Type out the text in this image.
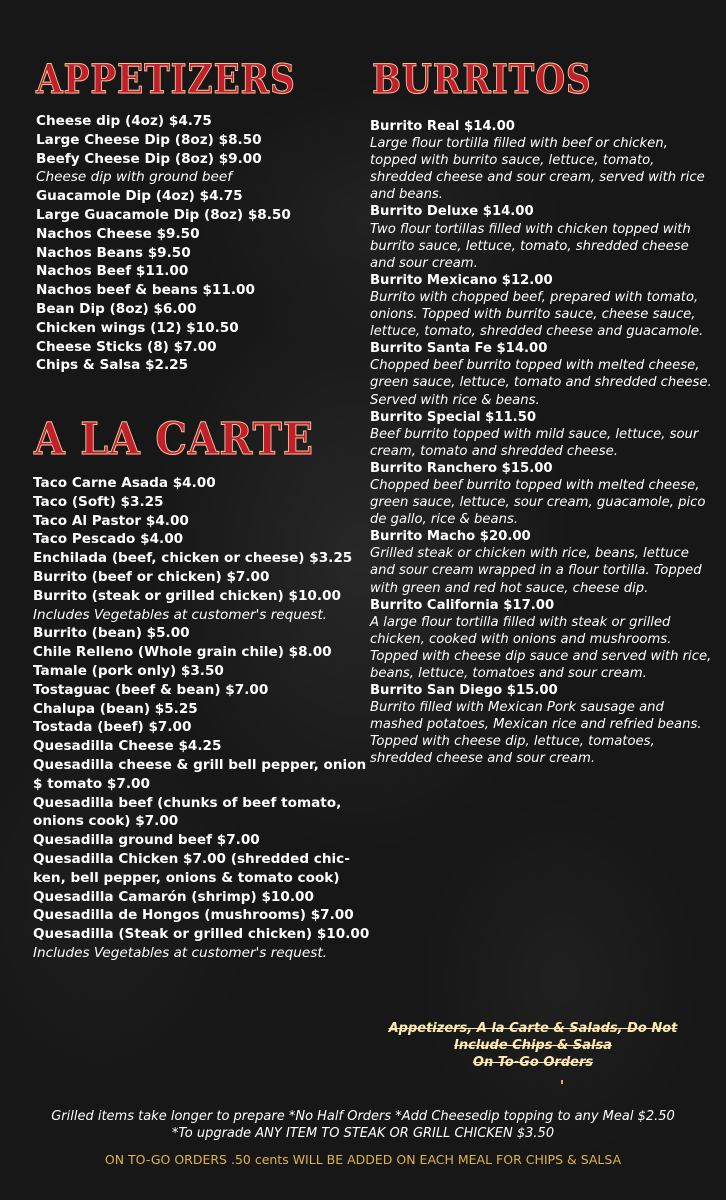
APPETIZERS BURRITOS
A LA CARTE
Cheese dip (4oz) $4.75
Large Cheese Dip (8oz) $8.50
Beefy Cheese Dip (8oz) $9.00
Cheese dip with ground beef
Guacamole Dip (4oz) $4.75
Large Guacamole Dip (8oz) $8.50
Nachos Cheese $9.50
Nachos Beans $9.50
Nachos Beef $11.00
Nachos beef & beans $11.00
Bean Dip (8oz) $6.00
Chicken wings (12) $10.50
Cheese Sticks (8) $7.00
Chips & Salsa $2.25
Taco Carne Asada $4.00
Taco (Soft) $3.25
Taco Al Pastor $4.00
Taco Pescado $4.00
Enchilada (beef, chicken or cheese) $3.25
Burrito (beef or chicken) $7.00
Burrito (steak or grilled chicken) $10.00
Includes Vegetables at customer's request.
Burrito (bean) $5.00
Chile Relleno (Whole grain chile) $8.00
Tamale (pork only) $3.50
Tostaguac (beef & bean) $7.00
Chalupa (bean) $5.25
Tostada (beef) $7.00
Quesadilla Cheese $4.25
Quesadilla cheese & grill bell pepper, onion
$ tomato $7.00
Quesadilla beef (chunks of beef tomato,
onions cook) $7.00
Quesadilla ground beef $7.00
Quesadilla Chicken $7.00 (shredded chic-
ken, bell pepper, onions & tomato cook)
Quesadilla Camarón (shrimp) $10.00
Quesadilla de Hongos (mushrooms) $7.00
Quesadilla (Steak or grilled chicken) $10.00
Includes Vegetables at customer's request.
Burrito Real $14.00
Large flour tortilla filled with beef or chicken, topped with burrito sauce, lettuce, tomato, shredded cheese and sour cream, served with rice and beans.
Burrito Deluxe $14.00
Two flour tortillas filled with chicken topped with burrito sauce, lettuce, tomato, shredded cheese and sour cream.
Burrito Mexicano $12.00
Burrito with chopped beef, prepared with tomato, onions. Topped with burrito sauce, cheese sauce, lettuce, tomato, shredded cheese and guacamole.
Burrito Santa Fe $14.00
Chopped beef burrito topped with melted cheese, green sauce, lettuce, tomato and shredded cheese. Served with rice & beans.
Burrito Special $11.50
Beef burrito topped with mild sauce, lettuce, sour cream, tomato and shredded cheese.
Burrito Ranchero $15.00
Chopped beef burrito topped with melted cheese, green sauce, lettuce, sour cream, guacamole, pico de gallo, rice & beans.
Burrito Macho $20.00
Grilled steak or chicken with rice, beans, lettuce and sour cream wrapped in a flour tortilla. Topped with green and red hot sauce, cheese dip.
Burrito California $17.00
A large flour tortilla filled with steak or grilled chicken, cooked with onions and mushrooms. Topped with cheese dip sauce and served with rice, beans, lettuce, tomatoes and sour cream.
Burrito San Diego $15.00
Burrito filled with Mexican Pork sausage and mashed potatoes, Mexican rice and refried beans. Topped with cheese dip, lettuce, tomatoes, shredded cheese and sour cream.
Appetizers, A la Carte & Salads, Do Not
Include Chips & Salsa
On To-Go Orders
Grilled items take longer to prepare *No Half Orders *Add Cheesedip topping to any Meal $2.50
*To upgrade ANY ITEM TO STEAK OR GRILL CHICKEN $3.50
ON TO-GO ORDERS .50 cents WILL BE ADDED ON EACH MEAL FOR CHIPS & SALSA
